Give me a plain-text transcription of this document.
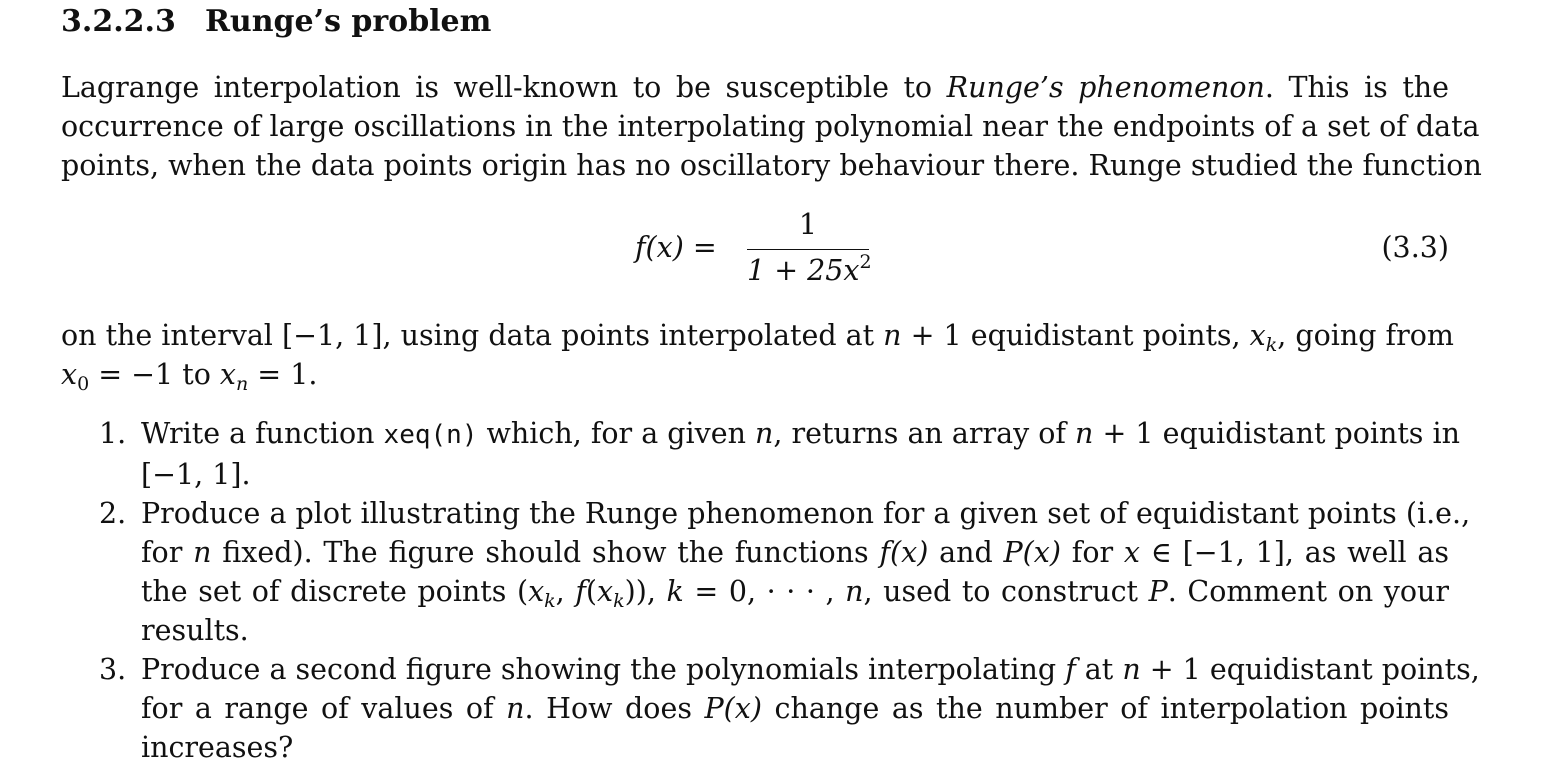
3.2.2.3 Runge’s problem
Lagrange interpolation is well-known to be susceptible to Runge’s phenomenon. This is the
occurrence of large oscillations in the interpolating polynomial near the endpoints of a set of data
points, when the data points origin has no oscillatory behaviour there. Runge studied the function
f(x) =
1
$1 + 25x^2$	(3.3)
on the interval [−1, 1], using data points interpolated at n + 1 equidistant points, $x_k$, going from
$x_0 = -1$ to $x_n = 1$.
1. Write a function xeq(n) which, for a given n, returns an array of n + 1 equidistant points in
[−1, 1].
2. Produce a plot illustrating the Runge phenomenon for a given set of equidistant points (i.e.,
for n fixed). The figure should show the functions f(x) and P(x) for x ∈ [−1, 1], as well as
the set of discrete points ($x_k$, $f(x_k)$), k = 0, · · · , n, used to construct P. Comment on your
results.
3. Produce a second figure showing the polynomials interpolating f at n + 1 equidistant points,
for a range of values of n. How does P(x) change as the number of interpolation points
increases?
